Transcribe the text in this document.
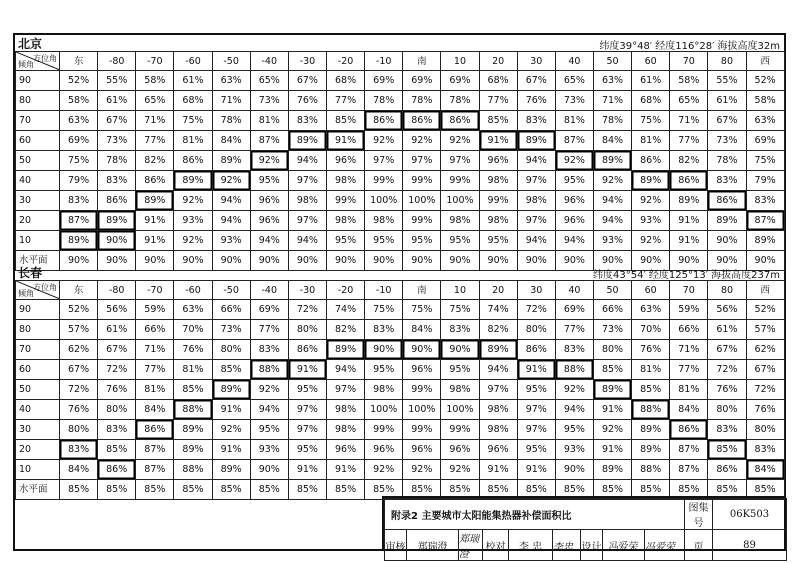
北京	纬度39°48′ 经度116°28′ 海拔高度32m
方位角
倾角	东	-80	-70	-60	-50	-40	-30	-20	-10	南	10	20	30	40	50	60	70	80	西
90	52%	55%	58%	61%	63%	65%	67%	68%	69%	69%	69%	68%	67%	65%	63%	61%	58%	55%	52%
80	58%	61%	65%	68%	71%	73%	76%	77%	78%	78%	78%	77%	76%	73%	71%	68%	65%	61%	58%
70	63%	67%	71%	75%	78%	81%	83%	85%	86%	86%	86%	85%	83%	81%	78%	75%	71%	67%	63%
60	69%	73%	77%	81%	84%	87%	89%	91%	92%	92%	92%	91%	89%	87%	84%	81%	77%	73%	69%
50	75%	78%	82%	86%	89%	92%	94%	96%	97%	97%	97%	96%	94%	92%	89%	86%	82%	78%	75%
40	79%	83%	86%	89%	92%	95%	97%	98%	99%	99%	99%	98%	97%	95%	92%	89%	86%	83%	79%
30	83%	86%	89%	92%	94%	96%	98%	99%	100%	100%	100%	99%	98%	96%	94%	92%	89%	86%	83%
20	87%	89%	91%	93%	94%	96%	97%	98%	98%	99%	98%	98%	97%	96%	94%	93%	91%	89%	87%
10	89%	90%	91%	92%	93%	94%	94%	95%	95%	95%	95%	95%	94%	94%	93%	92%	91%	90%	89%
水平面	90%	90%	90%	90%	90%	90%	90%	90%	90%	90%	90%	90%	90%	90%	90%	90%	90%	90%	90%
长春	纬度43°54′ 经度125°13′ 海拔高度237m
方位角
倾角	东	-80	-70	-60	-50	-40	-30	-20	-10	南	10	20	30	40	50	60	70	80	西
90	52%	56%	59%	63%	66%	69%	72%	74%	75%	75%	75%	74%	72%	69%	66%	63%	59%	56%	52%
80	57%	61%	66%	70%	73%	77%	80%	82%	83%	84%	83%	82%	80%	77%	73%	70%	66%	61%	57%
70	62%	67%	71%	76%	80%	83%	86%	89%	90%	90%	90%	89%	86%	83%	80%	76%	71%	67%	62%
60	67%	72%	77%	81%	85%	88%	91%	94%	95%	96%	95%	94%	91%	88%	85%	81%	77%	72%	67%
50	72%	76%	81%	85%	89%	92%	95%	97%	98%	99%	98%	97%	95%	92%	89%	85%	81%	76%	72%
40	76%	80%	84%	88%	91%	94%	97%	98%	100%	100%	100%	98%	97%	94%	91%	88%	84%	80%	76%
30	80%	83%	86%	89%	92%	95%	97%	98%	99%	99%	99%	98%	97%	95%	92%	89%	86%	83%	80%
20	83%	85%	87%	89%	91%	93%	95%	96%	96%	96%	96%	96%	95%	93%	91%	89%	87%	85%	83%
10	84%	86%	87%	88%	89%	90%	91%	91%	92%	92%	92%	91%	91%	90%	89%	88%	87%	86%	84%
水平面	85%	85%	85%	85%	85%	85%	85%	85%	85%	85%	85%	85%	85%	85%	85%	85%	85%	85%	85%
附录2 主要城市太阳能集热器补偿面积比									图集号	06K503
审核	郑瑞澄	郑瑞澄	校对	李 忠	李忠	设计	冯爱荣	冯爱荣	页	89
